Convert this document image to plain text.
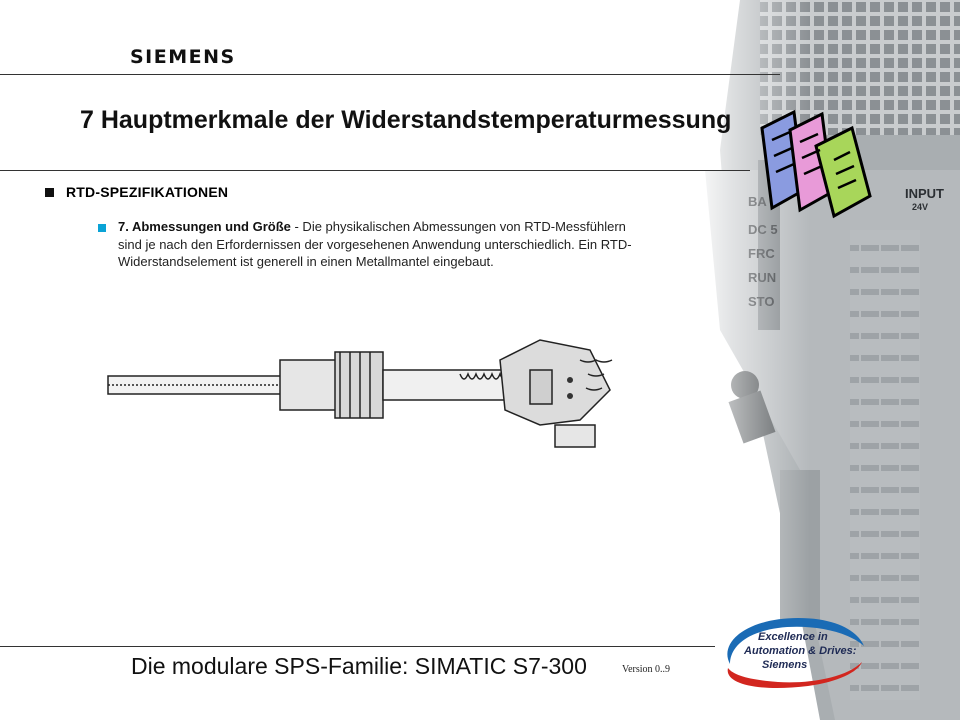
INPUT
24V
SIEMENS
7 Hauptmerkmale der Widerstandstemperaturmessung
RTD-SPEZIFIKATIONEN
7. Abmessungen und Größe - Die physikalischen Abmessungen von RTD-Messfühlern sind je nach den Erfordernissen der vorgesehenen Anwendung unterschiedlich. Ein RTD-Widerstandselement ist generell in einen Metallmantel eingebaut.
Die modulare SPS-Familie: SIMATIC S7-300	Version 0..9
Excellence in
Automation & Drives:
Siemens
